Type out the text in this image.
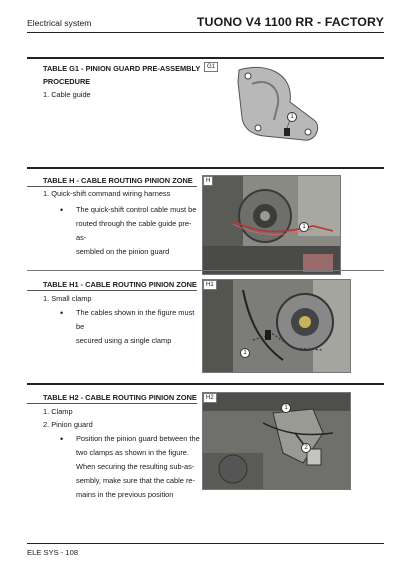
Electrical system	TUONO V4 1100 RR - FACTORY
TABLE G1 - PINION GUARD PRE-ASSEMBLY
PROCEDURE
1. Cable guide
G1
1
TABLE H - CABLE ROUTING PINION ZONE
1. Quick-shift command wiring harness
• The quick-shift control cable must be
routed through the cable guide pre-as-
sembled on the pinion guard
H
1
TABLE H1 - CABLE ROUTING PINION ZONE
1. Small clamp
• The cables shown in the figure must be
secured using a single clamp
H1
1
TABLE H2 - CABLE ROUTING PINION ZONE
1. Clamp
2. Pinion guard
• Position the pinion guard between the
two clamps as shown in the figure.
When securing the resulting sub-as-
sembly, make sure that the cable re-
mains in the previous position
H2
1
2
ELE SYS - 108
